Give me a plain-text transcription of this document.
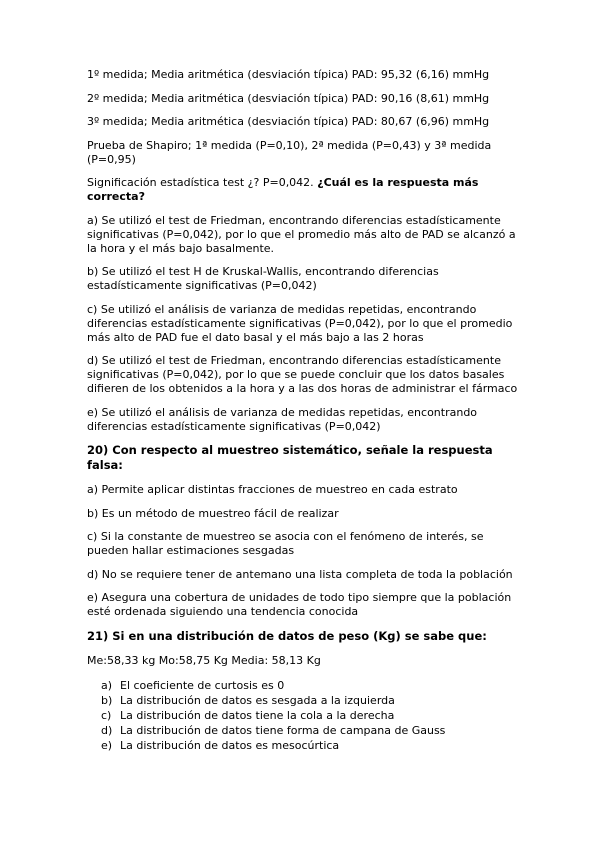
1º medida; Media aritmética (desviación típica) PAD: 95,32 (6,16) mmHg

2º medida; Media aritmética (desviación típica) PAD: 90,16 (8,61) mmHg

3º medida; Media aritmética (desviación típica) PAD: 80,67 (6,96) mmHg

Prueba de Shapiro; 1ª medida (P=0,10), 2ª medida (P=0,43) y 3ª medida (P=0,95)

Significación estadística test ¿? P=0,042. ¿Cuál es la respuesta más correcta?

a) Se utilizó el test de Friedman, encontrando diferencias estadísticamente significativas (P=0,042), por lo que el promedio más alto de PAD se alcanzó a la hora y el más bajo basalmente.

b) Se utilizó el test H de Kruskal-Wallis, encontrando diferencias estadísticamente significativas (P=0,042)

c) Se utilizó el análisis de varianza de medidas repetidas, encontrando diferencias estadísticamente significativas (P=0,042), por lo que el promedio más alto de PAD fue el dato basal y el más bajo a las 2 horas

d) Se utilizó el test de Friedman, encontrando diferencias estadísticamente significativas (P=0,042), por lo que se puede concluir que los datos basales difieren de los obtenidos a la hora y a las dos horas de administrar el fármaco

e) Se utilizó el análisis de varianza de medidas repetidas, encontrando diferencias estadísticamente significativas (P=0,042)

20) Con respecto al muestreo sistemático, señale la respuesta falsa:

a) Permite aplicar distintas fracciones de muestreo en cada estrato

b) Es un método de muestreo fácil de realizar

c) Si la constante de muestreo se asocia con el fenómeno de interés, se pueden hallar estimaciones sesgadas

d) No se requiere tener de antemano una lista completa de toda la población

e) Asegura una cobertura de unidades de todo tipo siempre que la población esté ordenada siguiendo una tendencia conocida

21) Si en una distribución de datos de peso (Kg) se sabe que:

Me:58,33 kg Mo:58,75 Kg Media: 58,13 Kg

a) El coeficiente de curtosis es 0
b) La distribución de datos es sesgada a la izquierda
c) La distribución de datos tiene la cola a la derecha
d) La distribución de datos tiene forma de campana de Gauss
e) La distribución de datos es mesocúrtica
